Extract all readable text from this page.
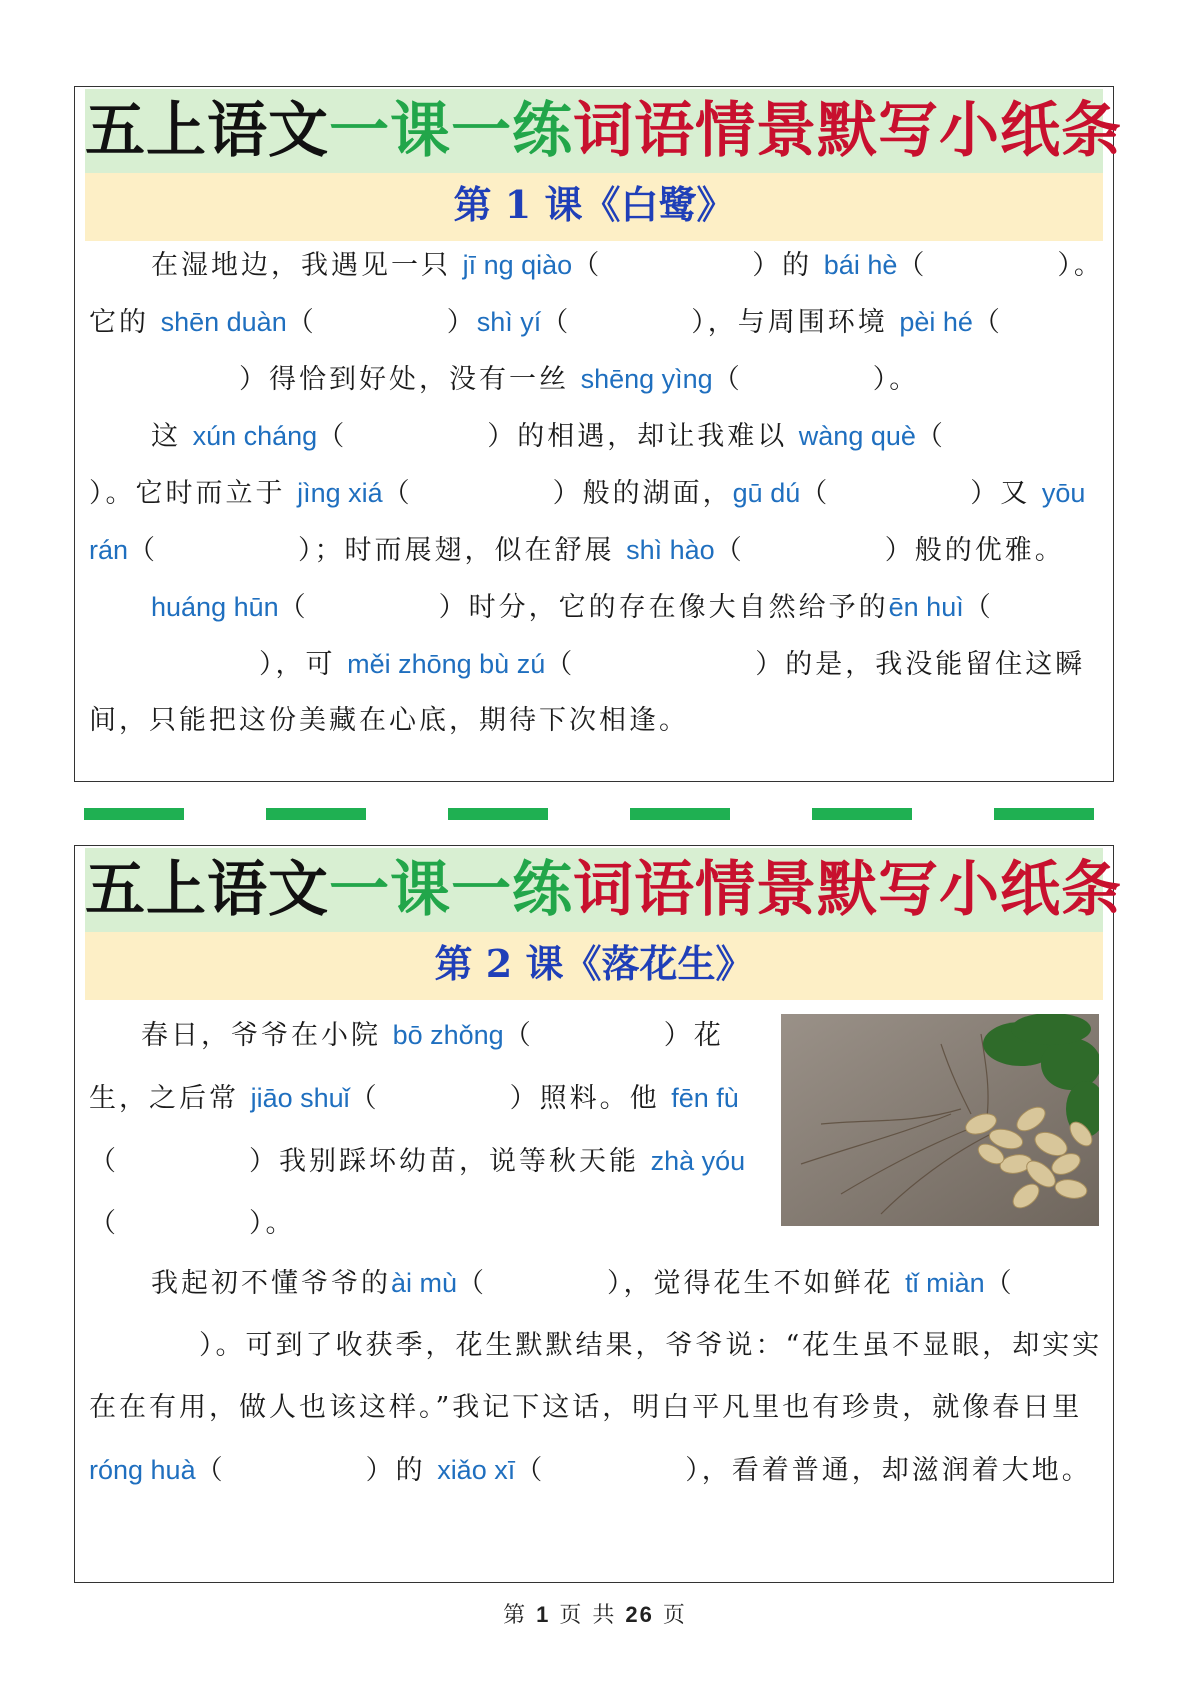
五上语文一课一练词语情景默写小纸条
第 1 课《白鹭》

在湿地边，我遇见一只 jī ng qiào（	）的 bái hè（	）。它的 shēn duàn（	）shì yí（	），与周围环境 pèi hé（）得恰到好处，没有一丝 shēng yìng（	）。

这 xún cháng（	）的相遇，却让我难以 wàng què（）。它时而立于 jìng xiá（	）般的湖面，gū dú（	）又 yōu rán（	）；时而展翅，似在舒展 shì hào（	）般的优雅。

huáng hūn（	）时分，它的存在像大自然给予的ēn huì（），可 měi zhōng bù zú（	）的是，我没能留住这瞬间，只能把这份美藏在心底，期待下次相逢。

五上语文一课一练词语情景默写小纸条
第 2 课《落花生》

春日，爷爷在小院 bō zhǒng（	）花生，之后常 jiāo shuǐ（	）照料。他 fēn fù（	）我别踩坏幼苗，说等秋天能 zhà yóu（	）。

我起初不懂爷爷的ài mù（	），觉得花生不如鲜花 tǐ miàn（）。可到了收获季，花生默默结果，爷爷说：“花生虽不显眼，却实实在在有用，做人也该这样。”我记下这话，明白平凡里也有珍贵，就像春日里 róng huà（	）的 xiǎo xī（	），看着普通，却滋润着大地。

第 1 页 共 26 页
